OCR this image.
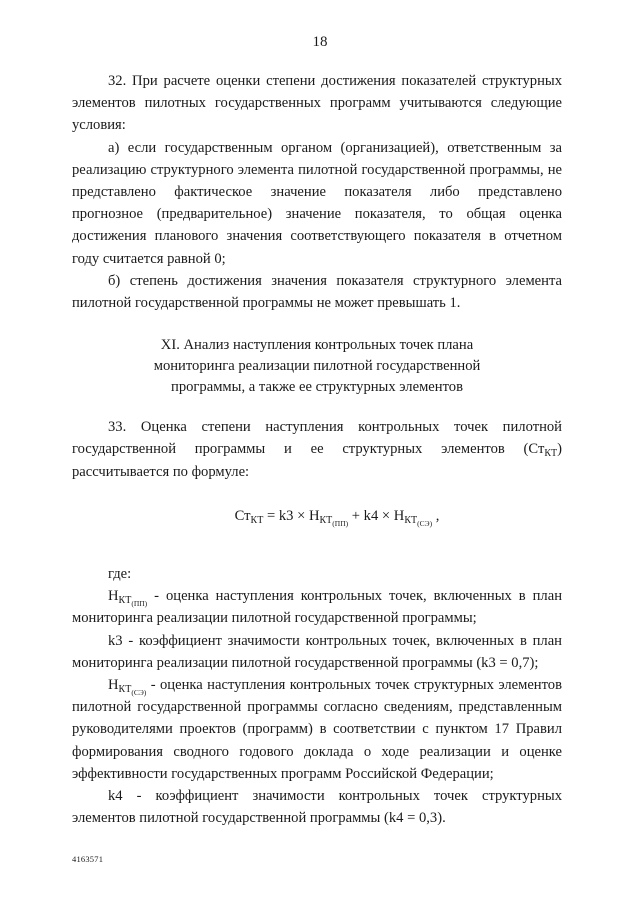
18

32. При расчете оценки степени достижения показателей структурных элементов пилотных государственных программ учитываются следующие условия:

а) если государственным органом (организацией), ответственным за реализацию структурного элемента пилотной государственной программы, не представлено фактическое значение показателя либо представлено прогнозное (предварительное) значение показателя, то общая оценка достижения планового значения соответствующего показателя в отчетном году считается равной 0;

б) степень достижения значения показателя структурного элемента пилотной государственной программы не может превышать 1.

XI. Анализ наступления контрольных точек плана
мониторинга реализации пилотной государственной
программы, а также ее структурных элементов

33. Оценка степени наступления контрольных точек пилотной государственной программы и ее структурных элементов $(Ст_{КТ})$ рассчитывается по формуле:

$Ст_{КТ} = k3 \times Н_{КТ_{(ПП)}} + k4 \times Н_{КТ_{(СЭ)}}$ ,

где:

$Н_{КТ_{(ПП)}}$ - оценка наступления контрольных точек, включенных в план мониторинга реализации пилотной государственной программы;

k3 - коэффициент значимости контрольных точек, включенных в план мониторинга реализации пилотной государственной программы (k3 = 0,7);

$Н_{КТ_{(СЭ)}}$ - оценка наступления контрольных точек структурных элементов пилотной государственной программы согласно сведениям, представленным руководителями проектов (программ) в соответствии с пунктом 17 Правил формирования сводного годового доклада о ходе реализации и оценке эффективности государственных программ Российской Федерации;

k4 - коэффициент значимости контрольных точек структурных элементов пилотной государственной программы (k4 = 0,3).

4163571
